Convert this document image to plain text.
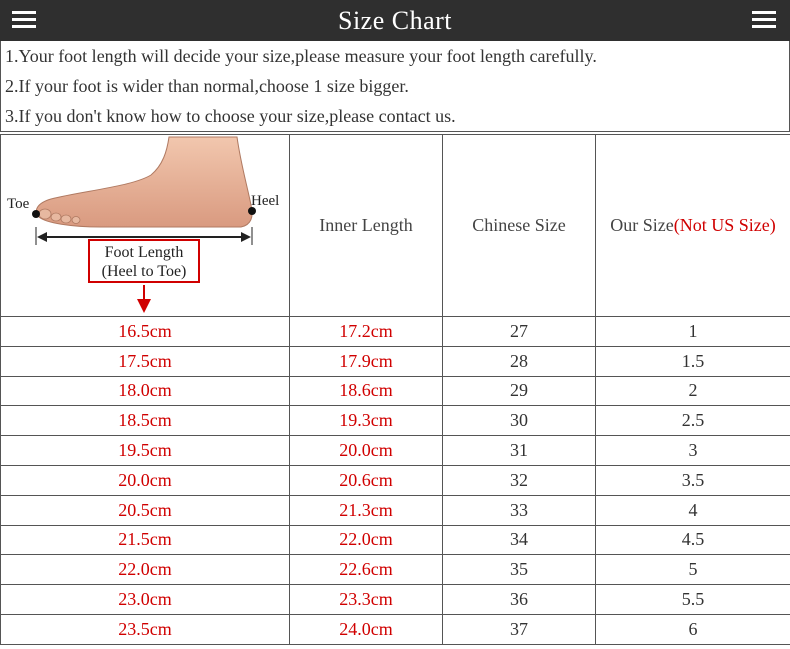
Size Chart
1.Your foot length will decide your size,please measure your foot length carefully.
2.If your foot is wider than normal,choose 1 size bigger.
3.If you don't know how to choose your size,please contact us.
Toe Heel
Foot Length
(Heel to Toe)	Inner Length	Chinese Size	Our Size(Not US Size)
16.5cm	17.2cm	27	1
17.5cm	17.9cm	28	1.5
18.0cm	18.6cm	29	2
18.5cm	19.3cm	30	2.5
19.5cm	20.0cm	31	3
20.0cm	20.6cm	32	3.5
20.5cm	21.3cm	33	4
21.5cm	22.0cm	34	4.5
22.0cm	22.6cm	35	5
23.0cm	23.3cm	36	5.5
23.5cm	24.0cm	37	6
